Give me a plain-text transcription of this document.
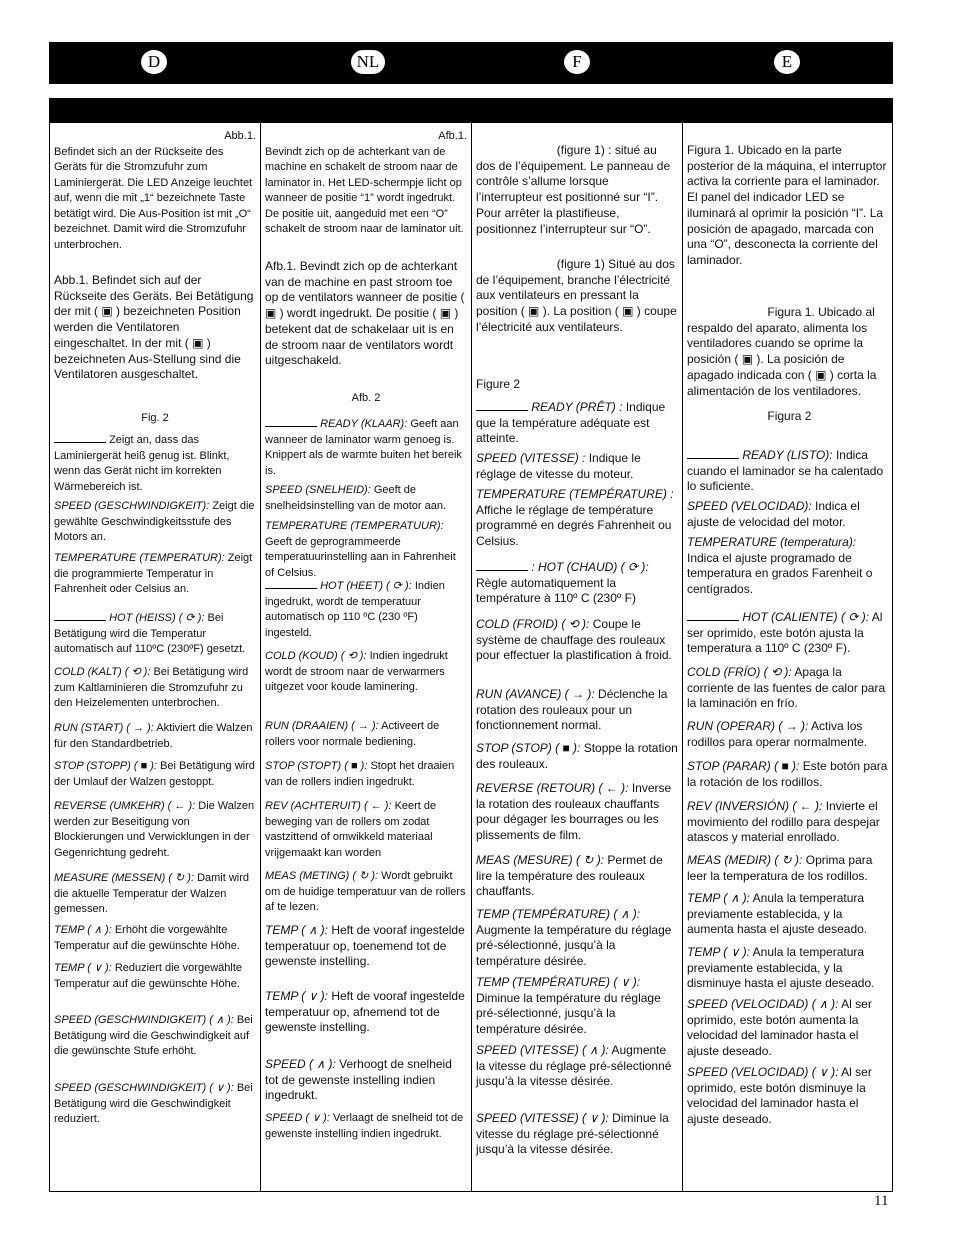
D	NL	F	E
Abb.1.
Befindet sich an der Rückseite des Geräts für die Stromzufuhr zum Laminiergerät. Die LED Anzeige leuchtet auf, wenn die mit „1“ bezeichnete Taste betätigt wird. Die Aus-Position ist mit „O“ bezeichnet. Damit wird die Stromzufuhr unterbrochen.
Abb.1. Befindet sich auf der Rückseite des Geräts. Bei Betätigung der mit ( ▣ ) bezeichneten Position werden die Ventilatoren eingeschaltet. In der mit ( ▣ ) bezeichneten Aus-Stellung sind die Ventilatoren ausgeschaltet.
Fig. 2
Zeigt an, dass das Laminiergerät heiß genug ist. Blinkt, wenn das Gerät nicht im korrekten Wärmebereich ist.
SPEED (GESCHWINDIGKEIT): Zeigt die gewählte Geschwindigkeitsstufe des Motors an.
TEMPERATURE (TEMPERATUR): Zeigt die programmierte Temperatur in Fahrenheit oder Celsius an.
HOT (HEISS) ( ⟳ ): Bei Betätigung wird die Temperatur automatisch auf 110ºC (230ºF) gesetzt.
COLD (KALT) ( ⟲ ): Bei Betätigung wird zum Kaltlaminieren die Stromzufuhr zu den Heizelementen unterbrochen.
RUN (START) ( → ): Aktiviert die Walzen für den Standardbetrieb.
STOP (STOPP) ( ■ ): Bei Betätigung wird der Umlauf der Walzen gestoppt.
REVERSE (UMKEHR) ( ← ): Die Walzen werden zur Beseitigung von Blockierungen und Verwicklungen in der Gegenrichtung gedreht.
MEASURE (MESSEN) ( ↻ ): Damit wird die aktuelle Temperatur der Walzen gemessen.
TEMP ( ∧ ): Erhöht die vorgewählte Temperatur auf die gewünschte Höhe.
TEMP ( ∨ ): Reduziert die vorgewählte Temperatur auf die gewünschte Höhe.
SPEED (GESCHWINDIGKEIT) ( ∧ ): Bei Betätigung wird die Geschwindigkeit auf die gewünschte Stufe erhöht.
SPEED (GESCHWINDIGKEIT) ( ∨ ): Bei Betätigung wird die Geschwindigkeit reduziert.
Afb.1.
Bevindt zich op de achterkant van de machine en schakelt de stroom naar de laminator in. Het LED-schermpje licht op wanneer de positie “1” wordt ingedrukt. De positie uit, aangeduid met een “O” schakelt de stroom naar de laminator uit.
Afb.1. Bevindt zich op de achterkant van de machine en past stroom toe op de ventilators wanneer de positie ( ▣ ) wordt ingedrukt. De positie ( ▣ ) betekent dat de schakelaar uit is en de stroom naar de ventilators wordt uitgeschakeld.
Afb. 2
READY (KLAAR): Geeft aan wanneer de laminator warm genoeg is. Knippert als de warmte buiten het bereik is.
SPEED (SNELHEID): Geeft de snelheidsinstelling van de motor aan.
TEMPERATURE (TEMPERATUUR): Geeft de geprogrammeerde temperatuurinstelling aan in Fahrenheit of Celsius.
HOT (HEET) ( ⟳ ): Indien ingedrukt, wordt de temperatuur automatisch op 110 ºC (230 ºF) ingesteld.
COLD (KOUD) ( ⟲ ): Indien ingedrukt wordt de stroom naar de verwarmers uitgezet voor koude laminering.
RUN (DRAAIEN) ( → ): Activeert de rollers voor normale bediening.
STOP (STOPT) ( ■ ): Stopt het draaien van de rollers indien ingedrukt.
REV (ACHTERUIT) ( ← ): Keert de beweging van de rollers om zodat vastzittend of omwikkeld materiaal vrijgemaakt kan worden
MEAS (METING) ( ↻ ): Wordt gebruikt om de huidige temperatuur van de rollers af te lezen.
TEMP ( ∧ ): Heft de vooraf ingestelde temperatuur op, toenemend tot de gewenste instelling.
TEMP ( ∨ ): Heft de vooraf ingestelde temperatuur op, afnemend tot de gewenste instelling.
SPEED ( ∧ ): Verhoogt de snelheid tot de gewenste instelling indien ingedrukt.
SPEED ( ∨ ): Verlaagt de snelheid tot de gewenste instelling indien ingedrukt.
(figure 1) : situé au dos de l’équipement. Le panneau de contrôle s’allume lorsque l’interrupteur est positionné sur “I”. Pour arrêter la plastifieuse, positionnez l’interrupteur sur “O”.
(figure 1) Situé au dos de l’équipement, branche l’électricité aux ventilateurs en pressant la position ( ▣ ). La position ( ▣ ) coupe l’électricité aux ventilateurs.
Figure 2
READY (PRÊT) : Indique que la température adéquate est atteinte.
SPEED (VITESSE) : Indique le réglage de vitesse du moteur.
TEMPERATURE (TEMPÉRATURE) : Affiche le réglage de température programmé en degrés Fahrenheit ou Celsius.
: HOT (CHAUD) ( ⟳ ): Règle automatiquement la température à 110º C (230º F)
COLD (FROID) ( ⟲ ): Coupe le système de chauffage des rouleaux pour effectuer la plastification à froid.
RUN (AVANCE) ( → ): Déclenche la rotation des rouleaux pour un fonctionnement normal.
STOP (STOP) ( ■ ): Stoppe la rotation des rouleaux.
REVERSE (RETOUR) ( ← ): Inverse la rotation des rouleaux chauffants pour dégager les bourrages ou les plissements de film.
MEAS (MESURE) ( ↻ ): Permet de lire la température des rouleaux chauffants.
TEMP (TEMPÉRATURE) ( ∧ ): Augmente la température du réglage pré-sélectionné, jusqu’à la température désirée.
TEMP (TEMPÉRATURE) ( ∨ ): Diminue la température du réglage pré-sélectionné, jusqu’à la température désirée.
SPEED (VITESSE) ( ∧ ): Augmente la vitesse du réglage pré-sélectionné jusqu’à la vitesse désirée.
SPEED (VITESSE) ( ∨ ): Diminue la vitesse du réglage pré-sélectionné jusqu’à la vitesse désirée.
Figura 1. Ubicado en la parte posterior de la máquina, el interruptor activa la corriente para el laminador. El panel del indicador LED se iluminará al oprimir la posición “I”. La posición de apagado, marcada con una “O”, desconecta la corriente del laminador.
Figura 1. Ubicado al respaldo del aparato, alimenta los ventiladores cuando se oprime la posición ( ▣ ). La posición de apagado indicada con ( ▣ ) corta la alimentación de los ventiladores.
Figura 2
READY (LISTO): Indica cuando el laminador se ha calentado lo suficiente.
SPEED (VELOCIDAD): Indica el ajuste de velocidad del motor.
TEMPERATURE (temperatura): Indica el ajuste programado de temperatura en grados Farenheit o centígrados.
HOT (CALIENTE) ( ⟳ ): Al ser oprimido, este botón ajusta la temperatura a 110º C (230º F).
COLD (FRÍO) ( ⟲ ): Apaga la corriente de las fuentes de calor para la laminación en frío.
RUN (OPERAR) ( → ): Activa los rodillos para operar normalmente.
STOP (PARAR) ( ■ ): Este botón para la rotación de los rodillos.
REV (INVERSIÓN) ( ← ): Invierte el movimiento del rodillo para despejar atascos y material enrollado.
MEAS (MEDIR) ( ↻ ): Oprima para leer la temperatura de los rodillos.
TEMP ( ∧ ): Anula la temperatura previamente establecida, y la aumenta hasta el ajuste deseado.
TEMP ( ∨ ): Anula la temperatura previamente establecida, y la disminuye hasta el ajuste deseado.
SPEED (VELOCIDAD) ( ∧ ): Al ser oprimido, este botón aumenta la velocidad del laminador hasta el ajuste deseado.
SPEED (VELOCIDAD) ( ∨ ): Al ser oprimido, este botón disminuye la velocidad del laminador hasta el ajuste deseado.
11
